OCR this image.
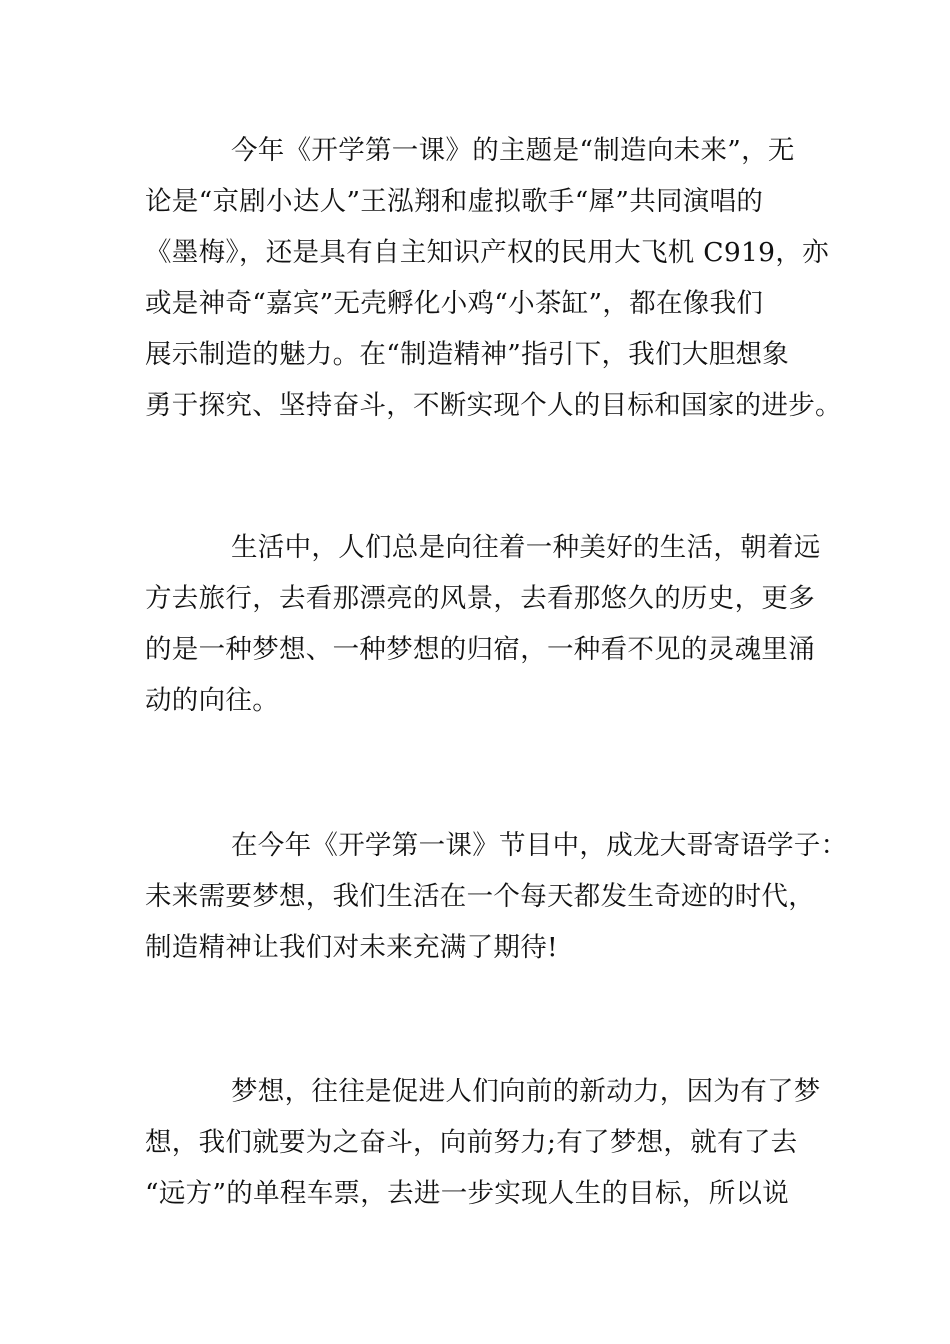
今年《开学第一课》的主题是“制造向未来”，无
论是“京剧小达人”王泓翔和虚拟歌手“犀”共同演唱的
《墨梅》，还是具有自主知识产权的民用大飞机 C919，亦
或是神奇“嘉宾”无壳孵化小鸡“小茶缸”，都在像我们
展示制造的魅力。在“制造精神”指引下，我们大胆想象
勇于探究、坚持奋斗，不断实现个人的目标和国家的进步。
生活中，人们总是向往着一种美好的生活，朝着远
方去旅行，去看那漂亮的风景，去看那悠久的历史，更多
的是一种梦想、一种梦想的归宿，一种看不见的灵魂里涌
动的向往。
在今年《开学第一课》节目中，成龙大哥寄语学子：
未来需要梦想，我们生活在一个每天都发生奇迹的时代，
制造精神让我们对未来充满了期待!
梦想，往往是促进人们向前的新动力，因为有了梦
想，我们就要为之奋斗，向前努力;有了梦想，就有了去
“远方”的单程车票，去进一步实现人生的目标，所以说
